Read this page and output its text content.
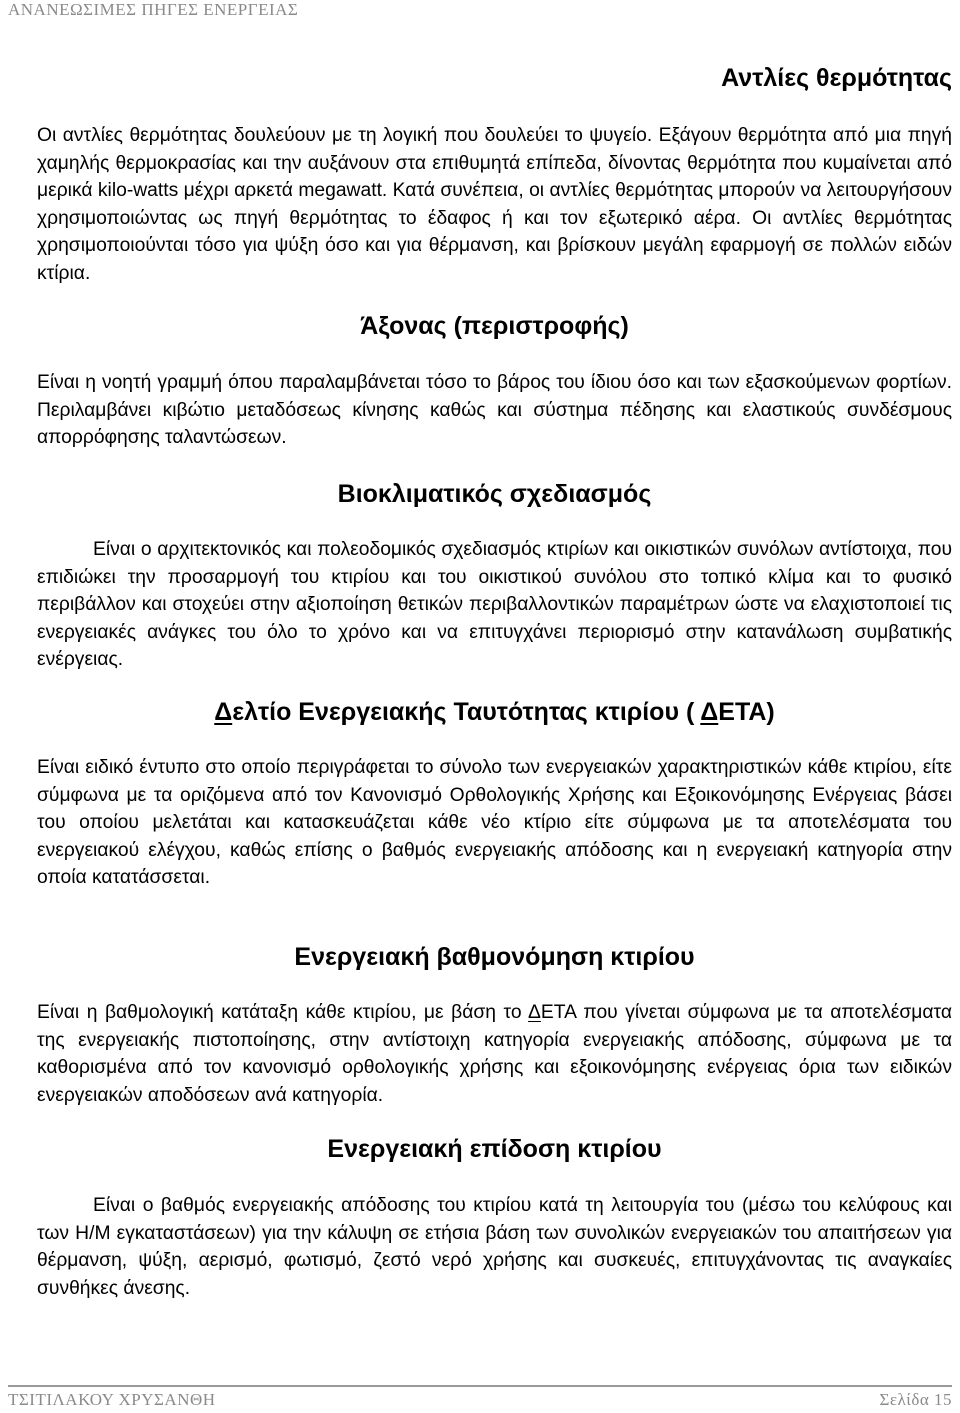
ΑΝΑΝΕΩΣΙΜΕΣ ΠΗΓΕΣ ΕΝΕΡΓΕΙΑΣ
Αντλίες θερμότητας

Οι αντλίες θερμότητας δουλεύουν με τη λογική που δουλεύει το ψυγείο. Εξάγουν θερμότητα από μια πηγή χαμηλής θερμοκρασίας και την αυξάνουν στα επιθυμητά επίπεδα, δίνοντας θερμότητα που κυμαίνεται από μερικά kilo-watts μέχρι αρκετά megawatt. Κατά συνέπεια, οι αντλίες θερμότητας μπορούν να λειτουργήσουν χρησιμοποιώντας ως πηγή θερμότητας το έδαφος ή και τον εξωτερικό αέρα. Οι αντλίες θερμότητας χρησιμοποιούνται τόσο για ψύξη όσο και για θέρμανση, και βρίσκουν μεγάλη εφαρμογή σε πολλών ειδών κτίρια.

Άξονας (περιστροφής)

Είναι η νοητή γραμμή όπου παραλαμβάνεται τόσο το βάρος του ίδιου όσο και των εξασκούμενων φορτίων. Περιλαμβάνει κιβώτιο μεταδόσεως κίνησης καθώς και σύστημα πέδησης και ελαστικούς συνδέσμους απορρόφησης ταλαντώσεων.

Βιοκλιματικός σχεδιασμός

Είναι ο αρχιτεκτονικός και πολεοδομικός σχεδιασμός κτιρίων και οικιστικών συνόλων αντίστοιχα, που επιδιώκει την προσαρμογή του κτιρίου και του οικιστικού συνόλου στο τοπικό κλίμα και το φυσικό περιβάλλον και στοχεύει στην αξιοποίηση θετικών περιβαλλοντικών παραμέτρων ώστε να ελαχιστοποιεί τις ενεργειακές ανάγκες του όλο το χρόνο και να επιτυγχάνει περιορισμό στην κατανάλωση συμβατικής ενέργειας.

Δελτίο Ενεργειακής Ταυτότητας κτιρίου ( ΔΕΤΑ)

Είναι ειδικό έντυπο στο οποίο περιγράφεται το σύνολο των ενεργειακών χαρακτηριστικών κάθε κτιρίου, είτε σύμφωνα με τα οριζόμενα από τον Κανονισμό Ορθολογικής Χρήσης και Εξοικονόμησης Ενέργειας βάσει του οποίου μελετάται και κατασκευάζεται κάθε νέο κτίριο είτε σύμφωνα με τα αποτελέσματα του ενεργειακού ελέγχου, καθώς επίσης ο βαθμός ενεργειακής απόδοσης και η ενεργειακή κατηγορία στην οποία κατατάσσεται.

Ενεργειακή βαθμονόμηση κτιρίου

Είναι η βαθμολογική κατάταξη κάθε κτιρίου, με βάση το ΔΕΤΑ που γίνεται σύμφωνα με τα αποτελέσματα της ενεργειακής πιστοποίησης, στην αντίστοιχη κατηγορία ενεργειακής απόδοσης, σύμφωνα με τα καθορισμένα από τον κανονισμό ορθολογικής χρήσης και εξοικονόμησης ενέργειας όρια των ειδικών ενεργειακών αποδόσεων ανά κατηγορία.

Ενεργειακή επίδοση κτιρίου

Είναι ο βαθμός ενεργειακής απόδοσης του κτιρίου κατά τη λειτουργία του (μέσω του κελύφους και των Η/Μ εγκαταστάσεων) για την κάλυψη σε ετήσια βάση των συνολικών ενεργειακών του απαιτήσεων για θέρμανση, ψύξη, αερισμό, φωτισμό, ζεστό νερό χρήσης και συσκευές, επιτυγχάνοντας τις αναγκαίες συνθήκες άνεσης.

ΤΣΙΤΙΛΑΚΟΥ ΧΡΥΣΑΝΘΗ	Σελίδα 15
